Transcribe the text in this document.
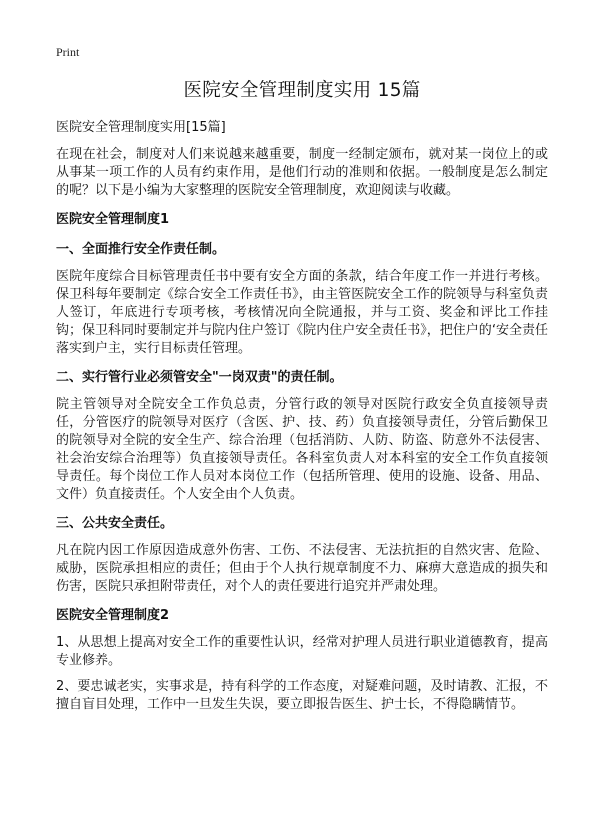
Print
医院安全管理制度实用 15篇
医院安全管理制度实用[15篇]

在现在社会，制度对人们来说越来越重要，制度一经制定颁布，就对某一岗位上的或从事某一项工作的人员有约束作用，是他们行动的准则和依据。一般制度是怎么制定的呢？以下是小编为大家整理的医院安全管理制度，欢迎阅读与收藏。

医院安全管理制度1
一、全面推行安全作责任制。

医院年度综合目标管理责任书中要有安全方面的条款，结合年度工作一并进行考核。保卫科每年要制定《综合安全工作责任书》，由主管医院安全工作的院领导与科室负责人签订，年底进行专项考核，考核情况向全院通报，并与工资、奖金和评比工作挂钩；保卫科同时要制定并与院内住户签订《院内住户安全责任书》，把住户的‘安全责任落实到户主，实行目标责任管理。

二、实行管行业必须管安全"一岗双责"的责任制。

院主管领导对全院安全工作负总责，分管行政的领导对医院行政安全负直接领导责任，分管医疗的院领导对医疗（含医、护、技、药）负直接领导责任，分管后勤保卫的院领导对全院的安全生产、综合治理（包括消防、人防、防盗、防意外不法侵害、社会治安综合治理等）负直接领导责任。各科室负责人对本科室的安全工作负直接领导责任。每个岗位工作人员对本岗位工作（包括所管理、使用的设施、设备、用品、文件）负直接责任。个人安全由个人负责。

三、公共安全责任。

凡在院内因工作原因造成意外伤害、工伤、不法侵害、无法抗拒的自然灾害、危险、威胁，医院承担相应的责任；但由于个人执行规章制度不力、麻痹大意造成的损失和伤害，医院只承担附带责任，对个人的责任要进行追究并严肃处理。

医院安全管理制度2

1、从思想上提高对安全工作的重要性认识，经常对护理人员进行职业道德教育，提高专业修养。

2、要忠诚老实，实事求是，持有科学的工作态度，对疑难问题，及时请教、汇报，不擅自盲目处理，工作中一旦发生失误，要立即报告医生、护士长，不得隐瞒情节。
